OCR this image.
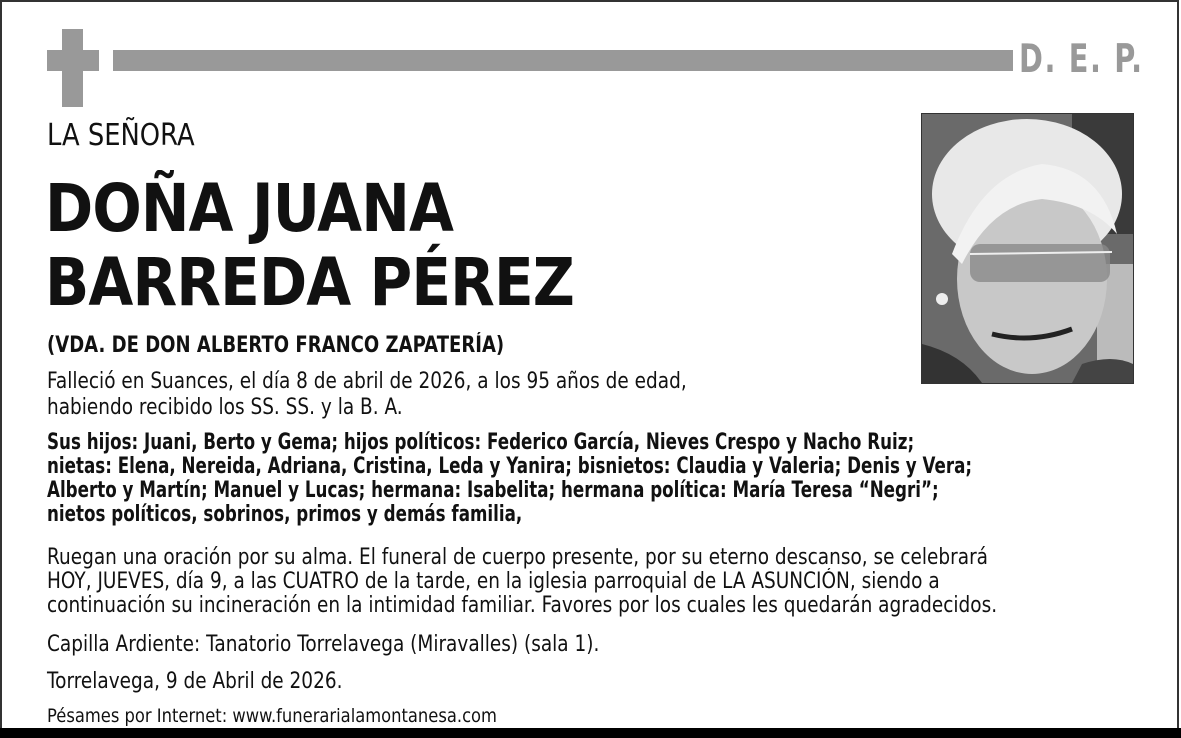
D. E. P.
LA SEÑORA
DOÑA JUANA
BARREDA PÉREZ
(VDA. DE DON ALBERTO FRANCO ZAPATERÍA)
Falleció en Suances, el día 8 de abril de 2026, a los 95 años de edad,
habiendo recibido los SS. SS. y la B. A.
Sus hijos: Juani, Berto y Gema; hijos políticos: Federico García, Nieves Crespo y Nacho Ruiz;
nietas: Elena, Nereida, Adriana, Cristina, Leda y Yanira; bisnietos: Claudia y Valeria; Denis y Vera;
Alberto y Martín; Manuel y Lucas; hermana: Isabelita; hermana política: María Teresa “Negri”;
nietos políticos, sobrinos, primos y demás familia,
Ruegan una oración por su alma. El funeral de cuerpo presente, por su eterno descanso, se celebrará
HOY, JUEVES, día 9, a las CUATRO de la tarde, en la iglesia parroquial de LA ASUNCIÓN, siendo a
continuación su incineración en la intimidad familiar. Favores por los cuales les quedarán agradecidos.
Capilla Ardiente: Tanatorio Torrelavega (Miravalles) (sala 1).
Torrelavega, 9 de Abril de 2026.
Pésames por Internet: www.funerarialamontanesa.com
